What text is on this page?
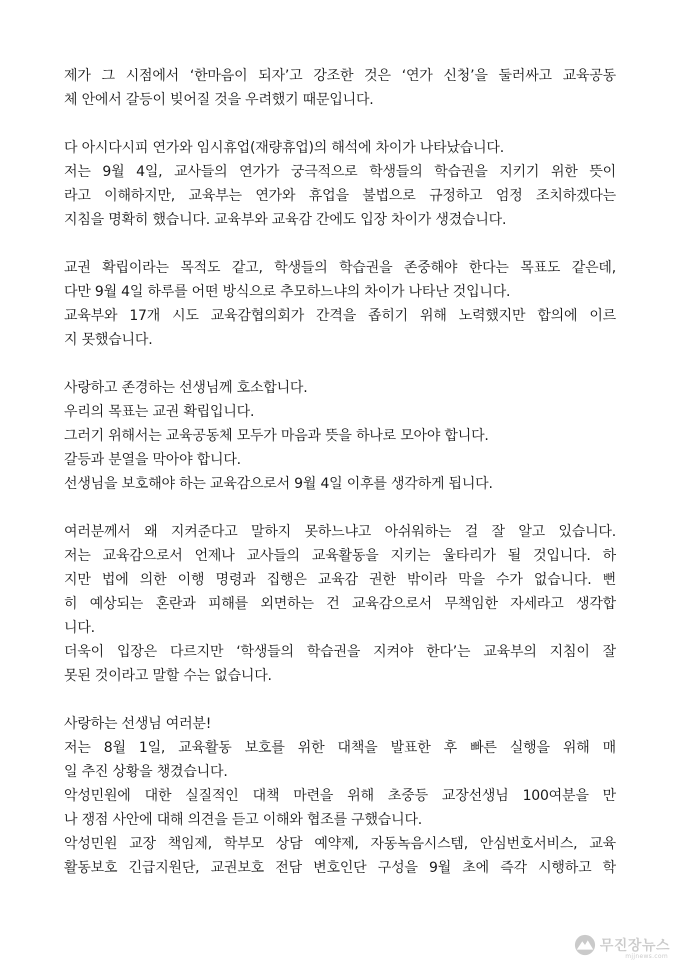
제가 그 시점에서 ‘한마음이 되자’고 강조한 것은 ‘연가 신청’을 둘러싸고 교육공동
체 안에서 갈등이 빚어질 것을 우려했기 때문입니다.
다 아시다시피 연가와 임시휴업(재량휴업)의 해석에 차이가 나타났습니다.
저는 9월 4일, 교사들의 연가가 궁극적으로 학생들의 학습권을 지키기 위한 뜻이
라고 이해하지만, 교육부는 연가와 휴업을 불법으로 규정하고 엄정 조치하겠다는
지침을 명확히 했습니다. 교육부와 교육감 간에도 입장 차이가 생겼습니다.
교권 확립이라는 목적도 같고, 학생들의 학습권을 존중해야 한다는 목표도 같은데,
다만 9월 4일 하루를 어떤 방식으로 추모하느냐의 차이가 나타난 것입니다.
교육부와 17개 시도 교육감협의회가 간격을 좁히기 위해 노력했지만 합의에 이르
지 못했습니다.
사랑하고 존경하는 선생님께 호소합니다.
우리의 목표는 교권 확립입니다.
그러기 위해서는 교육공동체 모두가 마음과 뜻을 하나로 모아야 합니다.
갈등과 분열을 막아야 합니다.
선생님을 보호해야 하는 교육감으로서 9월 4일 이후를 생각하게 됩니다.
여러분께서 왜 지켜준다고 말하지 못하느냐고 아쉬워하는 걸 잘 알고 있습니다.
저는 교육감으로서 언제나 교사들의 교육활동을 지키는 울타리가 될 것입니다. 하
지만 법에 의한 이행 명령과 집행은 교육감 권한 밖이라 막을 수가 없습니다. 뻔
히 예상되는 혼란과 피해를 외면하는 건 교육감으로서 무책임한 자세라고 생각합
니다.
더욱이 입장은 다르지만 ‘학생들의 학습권을 지켜야 한다’는 교육부의 지침이 잘
못된 것이라고 말할 수는 없습니다.
사랑하는 선생님 여러분!
저는 8월 1일, 교육활동 보호를 위한 대책을 발표한 후 빠른 실행을 위해 매
일 추진 상황을 챙겼습니다.
악성민원에 대한 실질적인 대책 마련을 위해 초중등 교장선생님 100여분을 만
나 쟁점 사안에 대해 의견을 듣고 이해와 협조를 구했습니다.
악성민원 교장 책임제, 학부모 상담 예약제, 자동녹음시스템, 안심번호서비스, 교육
활동보호 긴급지원단, 교권보호 전담 변호인단 구성을 9월 초에 즉각 시행하고 학
무진장뉴스
mjjnews.com
